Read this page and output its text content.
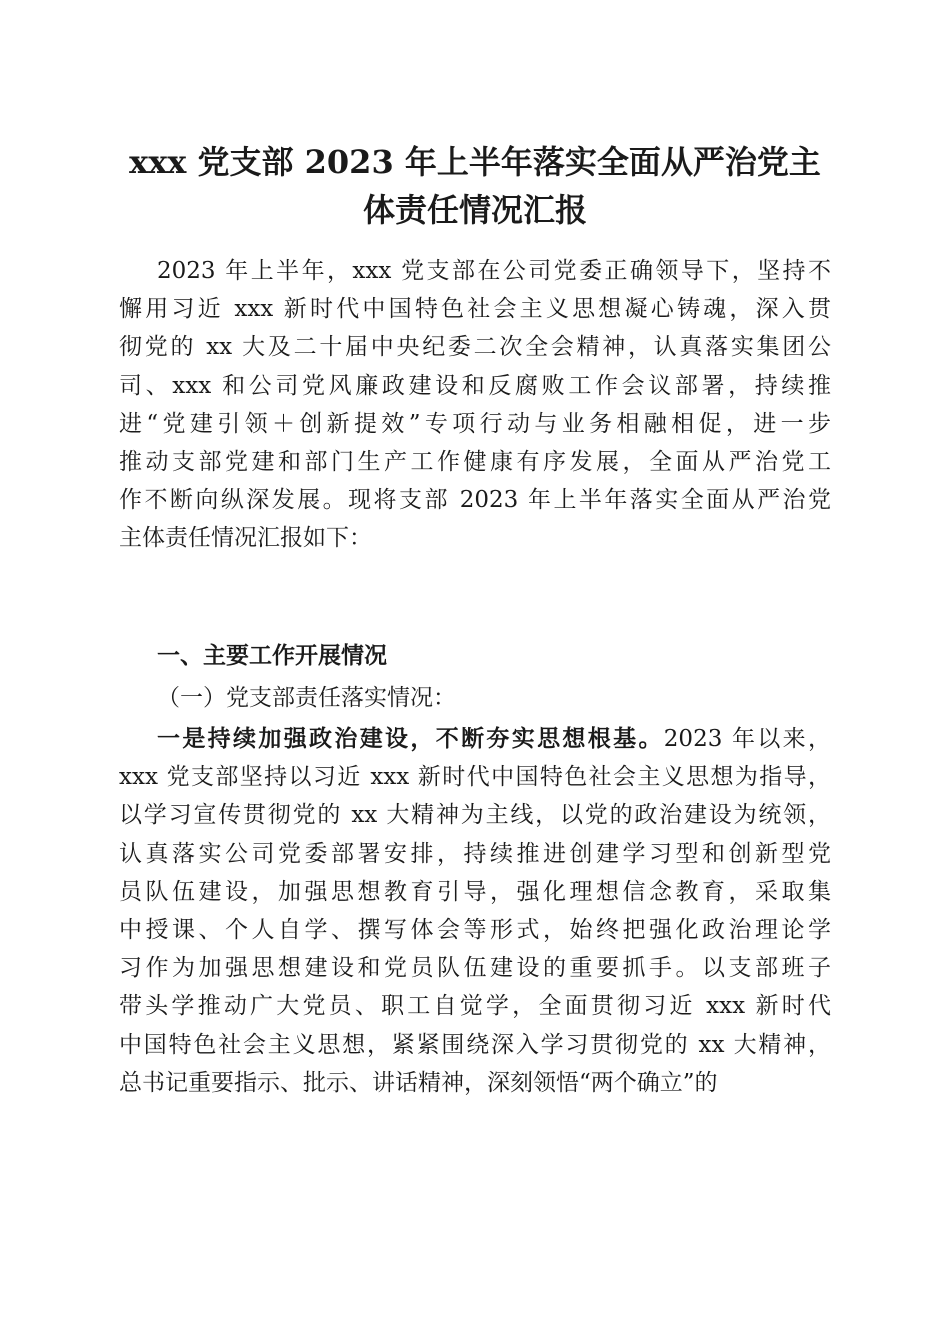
xxx 党支部 2023 年上半年落实全面从严治党主
体责任情况汇报
2023 年上半年，xxx 党支部在公司党委正确领导下，坚持不
懈用习近 xxx 新时代中国特色社会主义思想凝心铸魂，深入贯
彻党的 xx 大及二十届中央纪委二次全会精神，认真落实集团公
司、xxx 和公司党风廉政建设和反腐败工作会议部署，持续推
进“党建引领＋创新提效”专项行动与业务相融相促，进一步
推动支部党建和部门生产工作健康有序发展，全面从严治党工
作不断向纵深发展。现将支部 2023 年上半年落实全面从严治党
主体责任情况汇报如下：
一、主要工作开展情况
（一）党支部责任落实情况：
一是持续加强政治建设，不断夯实思想根基。2023 年以来，
xxx 党支部坚持以习近 xxx 新时代中国特色社会主义思想为指导，
以学习宣传贯彻党的 xx 大精神为主线，以党的政治建设为统领，
认真落实公司党委部署安排，持续推进创建学习型和创新型党
员队伍建设，加强思想教育引导，强化理想信念教育，采取集
中授课、个人自学、撰写体会等形式，始终把强化政治理论学
习作为加强思想建设和党员队伍建设的重要抓手。以支部班子
带头学推动广大党员、职工自觉学，全面贯彻习近 xxx 新时代
中国特色社会主义思想，紧紧围绕深入学习贯彻党的 xx 大精神，
总书记重要指示、批示、讲话精神，深刻领悟“两个确立”的
